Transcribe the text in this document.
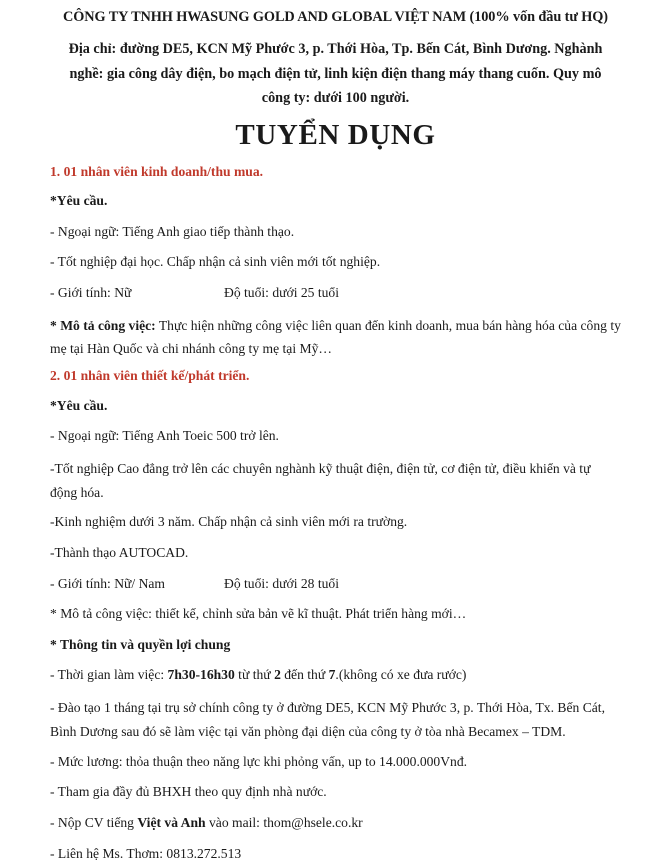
CÔNG TY TNHH HWASUNG GOLD AND GLOBAL VIỆT NAM (100% vốn đầu tư HQ)
Địa chỉ: đường DE5, KCN Mỹ Phước 3, p. Thới Hòa, Tp. Bến Cát, Bình Dương. Nghành
nghề: gia công dây điện, bo mạch điện tử, linh kiện điện thang máy thang cuốn. Quy mô
công ty: dưới 100 người.
TUYỂN DỤNG
1. 01 nhân viên kinh doanh/thu mua.
*Yêu cầu.
- Ngoại ngữ: Tiếng Anh giao tiếp thành thạo.
- Tốt nghiệp đại học. Chấp nhận cả sinh viên mới tốt nghiệp.
- Giới tính: Nữ	Độ tuổi: dưới 25 tuổi
* Mô tả công việc: Thực hiện những công việc liên quan đến kinh doanh, mua bán hàng hóa của công ty mẹ tại Hàn Quốc và chi nhánh công ty mẹ tại Mỹ…
2. 01 nhân viên thiết kế/phát triển.
*Yêu cầu.
- Ngoại ngữ: Tiếng Anh Toeic 500 trở lên.
-Tốt nghiệp Cao đẳng trở lên các chuyên nghành kỹ thuật điện, điện tử, cơ điện tử, điều khiển và tự động hóa.
-Kinh nghiệm dưới 3 năm. Chấp nhận cả sinh viên mới ra trường.
-Thành thạo AUTOCAD.
- Giới tính: Nữ/ Nam	Độ tuổi: dưới 28 tuổi
* Mô tả công việc: thiết kế, chỉnh sửa bản vẽ kĩ thuật. Phát triển hàng mới…
* Thông tin và quyền lợi chung
- Thời gian làm việc: 7h30-16h30 từ thứ 2 đến thứ 7.(không có xe đưa rước)
- Đào tạo 1 tháng tại trụ sở chính công ty ở đường DE5, KCN Mỹ Phước 3, p. Thới Hòa, Tx. Bến Cát, Bình Dương sau đó sẽ làm việc tại văn phòng đại diện của công ty ở tòa nhà Becamex – TDM.
- Mức lương: thỏa thuận theo năng lực khi phỏng vấn, up to 14.000.000Vnđ.
- Tham gia đầy đủ BHXH theo quy định nhà nước.
- Nộp CV tiếng Việt và Anh vào mail: thom@hsele.co.kr
- Liên hệ Ms. Thơm: 0813.272.513
